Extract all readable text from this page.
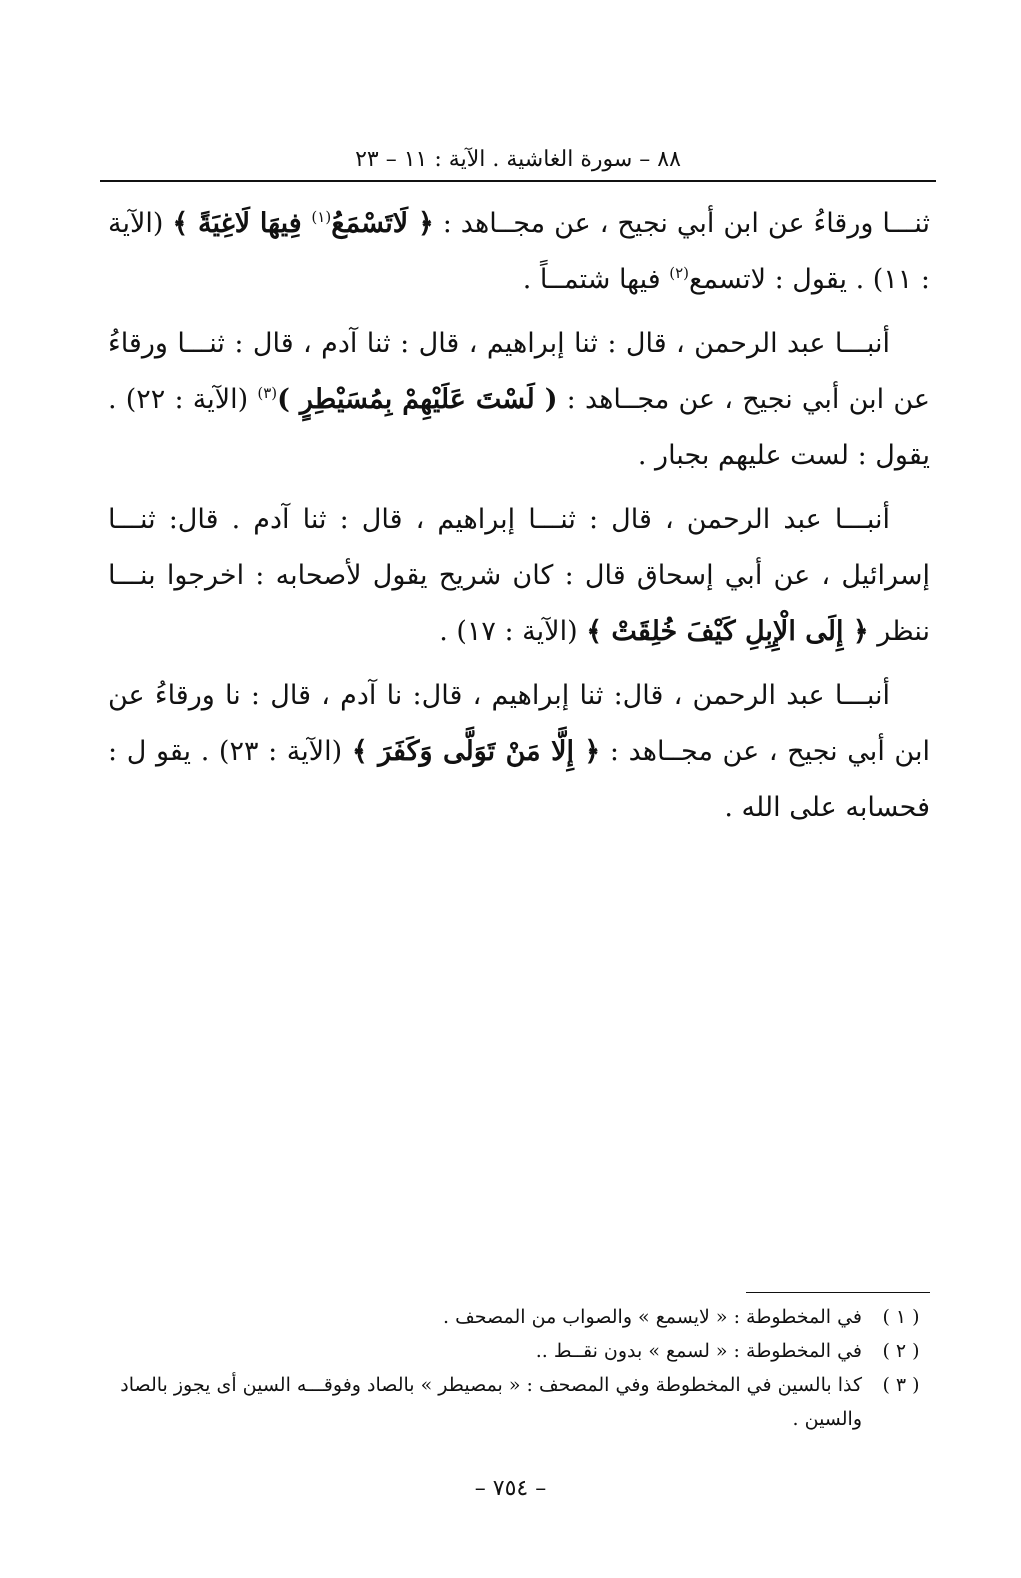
٨٨ – سورة الغاشية . الآية : ١١ – ٢٣

ثنـــا ورقاءُ عن ابن أبي نجيح ، عن مجــاهد : ﴿ لَاتَسْمَعُ$^{(١)}$ فِيهَا لَاغِيَةً ﴾ (الآية : ١١) . يقول : لاتسمع$^{(٢)}$ فيها شتمــاً .

أنبـــا عبد الرحمن ، قال : ثنا إبراهيم ، قال : ثنا آدم ، قال : ثنـــا ورقاءُ عن ابن أبي نجيح ، عن مجــاهد : ( لَسْتَ عَلَيْهِمْ بِمُسَيْطِرٍ )$^{(٣)}$ (الآية : ٢٢) . يقول : لست عليهم بجبار .

أنبـــا عبد الرحمن ، قال : ثنـــا إبراهيم ، قال : ثنا آدم . قال: ثنـــا إسرائيل ، عن أبي إسحاق قال : كان شريح يقول لأصحابه : اخرجوا بنـــا ننظر ﴿ إِلَى الْإِبِلِ كَيْفَ خُلِقَتْ ﴾ (الآية : ١٧) .

أنبـــا عبد الرحمن ، قال: ثنا إبراهيم ، قال: نا آدم ، قال : نا ورقاءُ عن ابن أبي نجيح ، عن مجــاهد : ﴿ إِلَّا مَنْ تَوَلَّى وَكَفَرَ ﴾ (الآية : ٢٣) . يقو ل : فحسابه على الله .

( ١ )
في المخطوطة : « لايسمع » والصواب من المصحف .

( ٢ )
في المخطوطة : « لسمع » بدون نقــط ..

( ٣ )
كذا بالسين في المخطوطة وفي المصحف : « بمصيطر » بالصاد وفوقـــه السين أى يجوز بالصاد والسين .

– ٧٥٤ –
